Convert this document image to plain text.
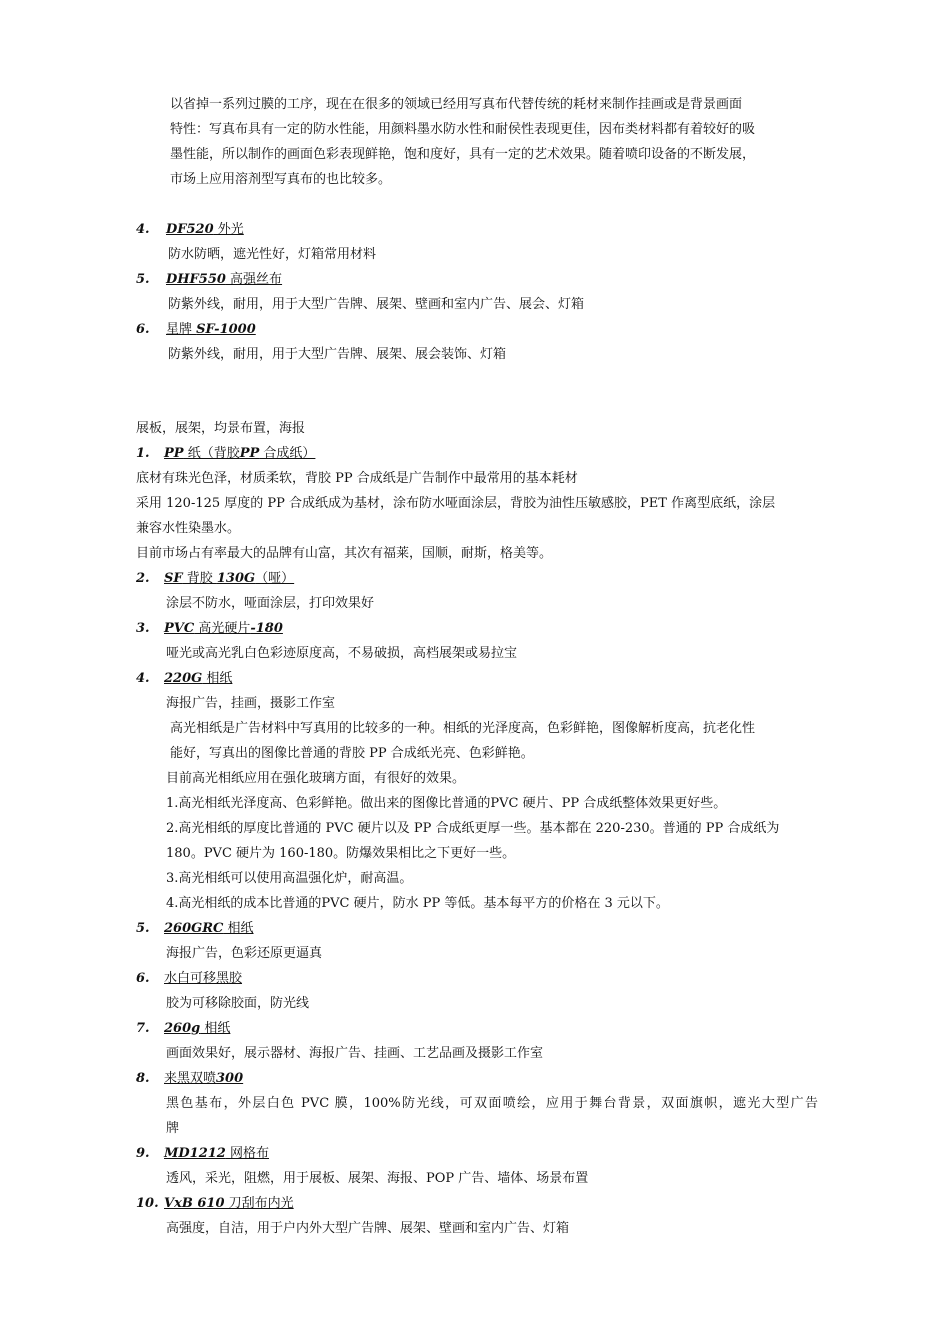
以省掉一系列过膜的工序，现在在很多的领域已经用写真布代替传统的耗材来制作挂画或是背景画面
特性：写真布具有一定的防水性能，用颜料墨水防水性和耐侯性表现更佳，因布类材料都有着较好的吸
墨性能，所以制作的画面色彩表现鲜艳，饱和度好，具有一定的艺术效果。随着喷印设备的不断发展，
市场上应用溶剂型写真布的也比较多。
4. DF520 外光
防水防晒，遮光性好，灯箱常用材料
5. DHF550 高强丝布
防紫外线，耐用，用于大型广告牌、展架、壁画和室内广告、展会、灯箱
6. 星牌 SF-1000
防紫外线，耐用，用于大型广告牌、展架、展会装饰、灯箱
展板，展架，均景布置，海报
1. PP 纸（背胶PP 合成纸）
底材有珠光色泽，材质柔软，背胶 PP 合成纸是广告制作中最常用的基本耗材
采用 120-125 厚度的 PP 合成纸成为基材，涂布防水哑面涂层，背胶为油性压敏感胶，PET 作离型底纸，涂层
兼容水性染墨水。
目前市场占有率最大的品牌有山富，其次有福莱，国顺，耐斯，格美等。
2. SF 背胶 130G（哑）
涂层不防水，哑面涂层，打印效果好
3. PVC 高光硬片-180
哑光或高光乳白色彩迹原度高，不易破损，高档展架或易拉宝
4. 220G 相纸
海报广告，挂画，摄影工作室
高光相纸是广告材料中写真用的比较多的一种。相纸的光泽度高，色彩鲜艳，图像解析度高，抗老化性
能好，写真出的图像比普通的背胶 PP 合成纸光亮、色彩鲜艳。
目前高光相纸应用在强化玻璃方面，有很好的效果。
1.高光相纸光泽度高、色彩鲜艳。做出来的图像比普通的PVC 硬片、PP 合成纸整体效果更好些。
2.高光相纸的厚度比普通的 PVC 硬片以及 PP 合成纸更厚一些。基本都在 220-230。普通的 PP 合成纸为
180。PVC 硬片为 160-180。防爆效果相比之下更好一些。
3.高光相纸可以使用高温强化炉，耐高温。
4.高光相纸的成本比普通的PVC 硬片，防水 PP 等低。基本每平方的价格在 3 元以下。
5. 260GRC 相纸
海报广告，色彩还原更逼真
6. 水白可移黑胶
胶为可移除胶面，防光线
7. 260g 相纸
画面效果好，展示器材、海报广告、挂画、工艺品画及摄影工作室
8. 来黑双喷300
黑色基布，外层白色 PVC 膜，100%防光线，可双面喷绘，应用于舞台背景，双面旗帜，遮光大型广告
牌
9. MD1212 网格布
透风，采光，阻燃，用于展板、展架、海报、POP 广告、墙体、场景布置
10. VxB 610 刀刮布内光
高强度，自洁，用于户内外大型广告牌、展架、壁画和室内广告、灯箱
